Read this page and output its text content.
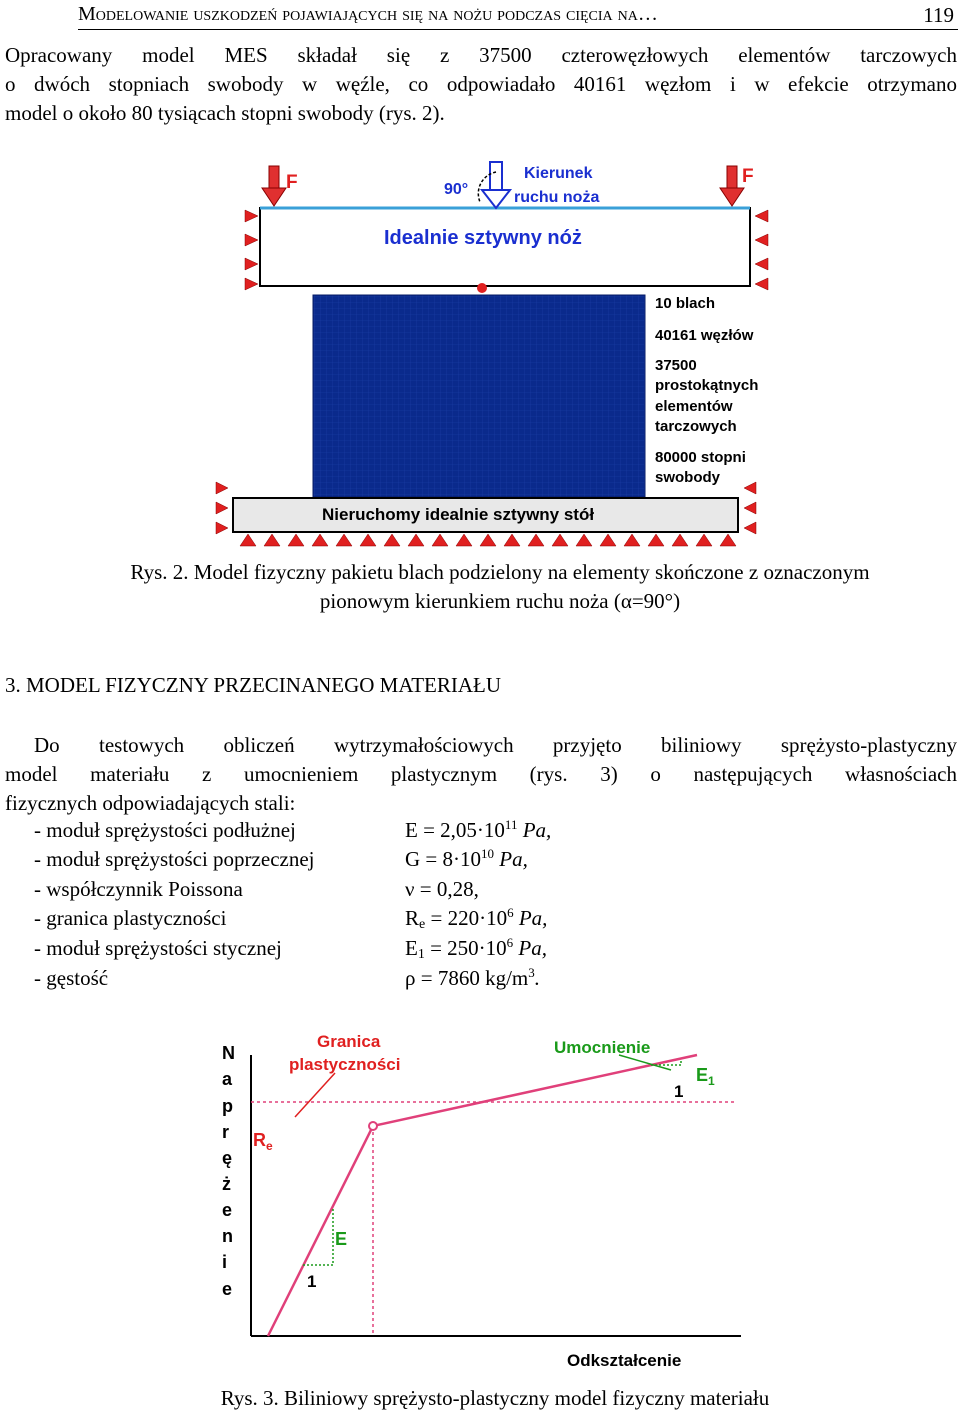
Modelowanie uszkodzeń pojawiających się na nożu podczas cięcia na…	119
Opracowany model MES składał się z 37500 czterowęzłowych elementów tarczowych
o dwóch stopniach swobody w węźle, co odpowiadało 40161 węzłom i w efekcie otrzymano
model o około 80 tysiącach stopni swobody (rys. 2).
F	F
90°
Kierunek
ruchu noża
Idealnie sztywny nóż
Nieruchomy idealnie sztywny stół
10 blach
40161 węzłów
37500
prostokątnych
elementów
tarczowych
80000 stopni
swobody
Rys. 2. Model fizyczny pakietu blach podzielony na elementy skończone z oznaczonym
pionowym kierunkiem ruchu noża (α=90°)
3. MODEL FIZYCZNY PRZECINANEGO MATERIAŁU
Do testowych obliczeń wytrzymałościowych przyjęto biliniowy sprężysto-plastyczny
model materiału z umocnieniem plastycznym (rys. 3) o następujących własnościach
fizycznych odpowiadających stali:
- moduł sprężystości podłużnej	$E = 2,05\cdot 10^{11}$ Pa,
- moduł sprężystości poprzecznej	$G = 8\cdot 10^{10}$ Pa,
- współczynnik Poissona	ν = 0,28,
- granica plastyczności	$R_e = 220\cdot 10^6$ Pa,
- moduł sprężystości stycznej	$E_1 = 250\cdot 10^6$ Pa,
- gęstość	ρ = 7860 $kg/m^3$.
N
a
p
r
ę
ż
e
n
i
e
Granica
plastyczności
Umocnienie
$R_e$
E
1
1
$E_1$
Odkształcenie
Rys. 3. Biliniowy sprężysto-plastyczny model fizyczny materiału
